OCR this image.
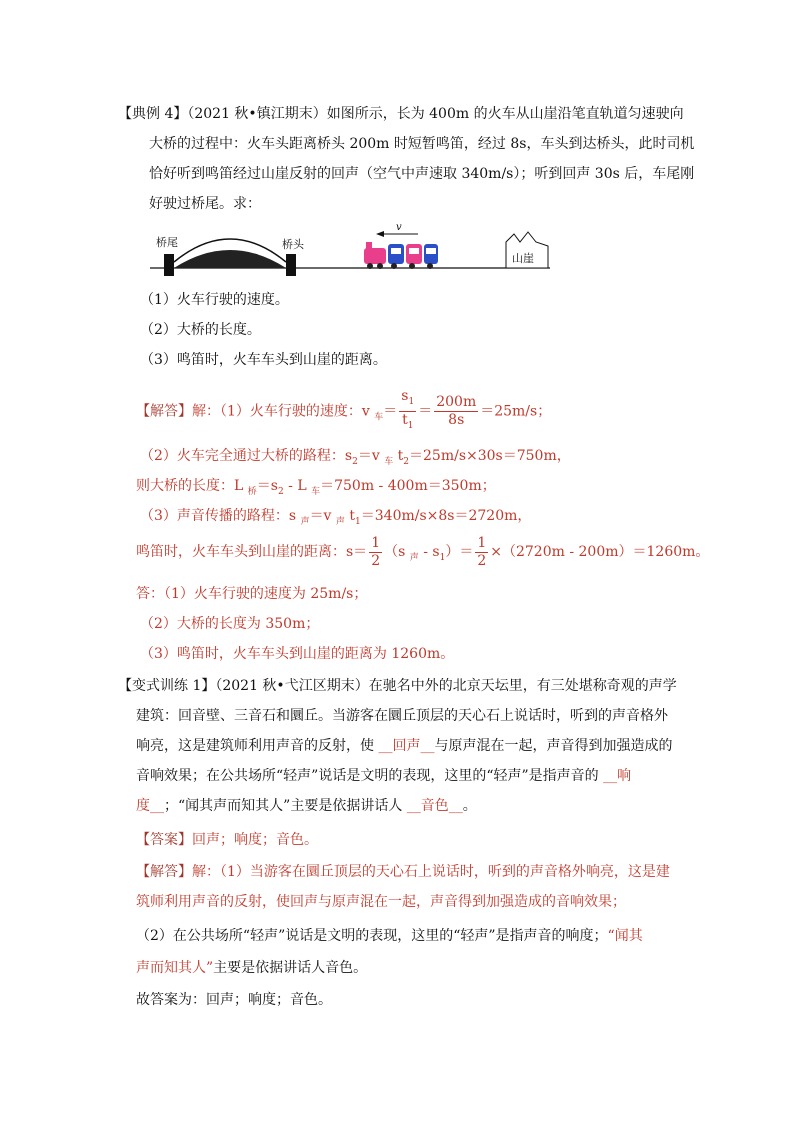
【典例 4】（2021 秋•镇江期末）如图所示，长为 400m 的火车从山崖沿笔直轨道匀速驶向
大桥的过程中：火车头距离桥头 200m 时短暂鸣笛，经过 8s，车头到达桥头，此时司机
恰好听到鸣笛经过山崖反射的回声（空气中声速取 340m/s）；听到回声 30s 后，车尾刚
好驶过桥尾。求：
桥尾	桥头
v
山崖
（1）火车行驶的速度。
（2）大桥的长度。
（3）鸣笛时，火车车头到山崖的距离。
【解答】解：（1）火车行驶的速度：v $_车= \frac{s_1}{t_1} = \frac{200m}{8s} =25m/s$；
（2）火车完全通过大桥的路程：$s_2=v$ $_车$ $t_2=25m/s\times 30s=750m$，
则大桥的长度：L $_桥=s_2 - L$ $_车$＝750m - 400m＝350m；
（3）声音传播的路程：s $_声$＝v $_声$ $t_1=340m/s\times 8s=2720m$，
鸣笛时，火车车头到山崖的距离：$s= \frac{1}{2} (s$ $_声 - s_1)= \frac{1}{2} \times(2720m - 200m)=1260m$。
答：（1）火车行驶的速度为 25m/s；
（2）大桥的长度为 350m；
（3）鸣笛时，火车车头到山崖的距离为 1260m。
【变式训练 1】（2021 秋•弋江区期末）在驰名中外的北京天坛里，有三处堪称奇观的声学
建筑：回音壁、三音石和圜丘。当游客在圜丘顶层的天心石上说话时，听到的声音格外
响亮，这是建筑师利用声音的反射，使 __回声__与原声混在一起，声音得到加强造成的
音响效果；在公共场所“轻声”说话是文明的表现，这里的“轻声”是指声音的 __响
度__；“闻其声而知其人”主要是依据讲话人 __音色__。
【答案】回声；响度；音色。
【解答】解：（1）当游客在圜丘顶层的天心石上说话时，听到的声音格外响亮，这是建
筑师利用声音的反射，使回声与原声混在一起，声音得到加强造成的音响效果；
（2）在公共场所“轻声”说话是文明的表现，这里的“轻声”是指声音的响度；“闻其
声而知其人”主要是依据讲话人音色。
故答案为：回声；响度；音色。
